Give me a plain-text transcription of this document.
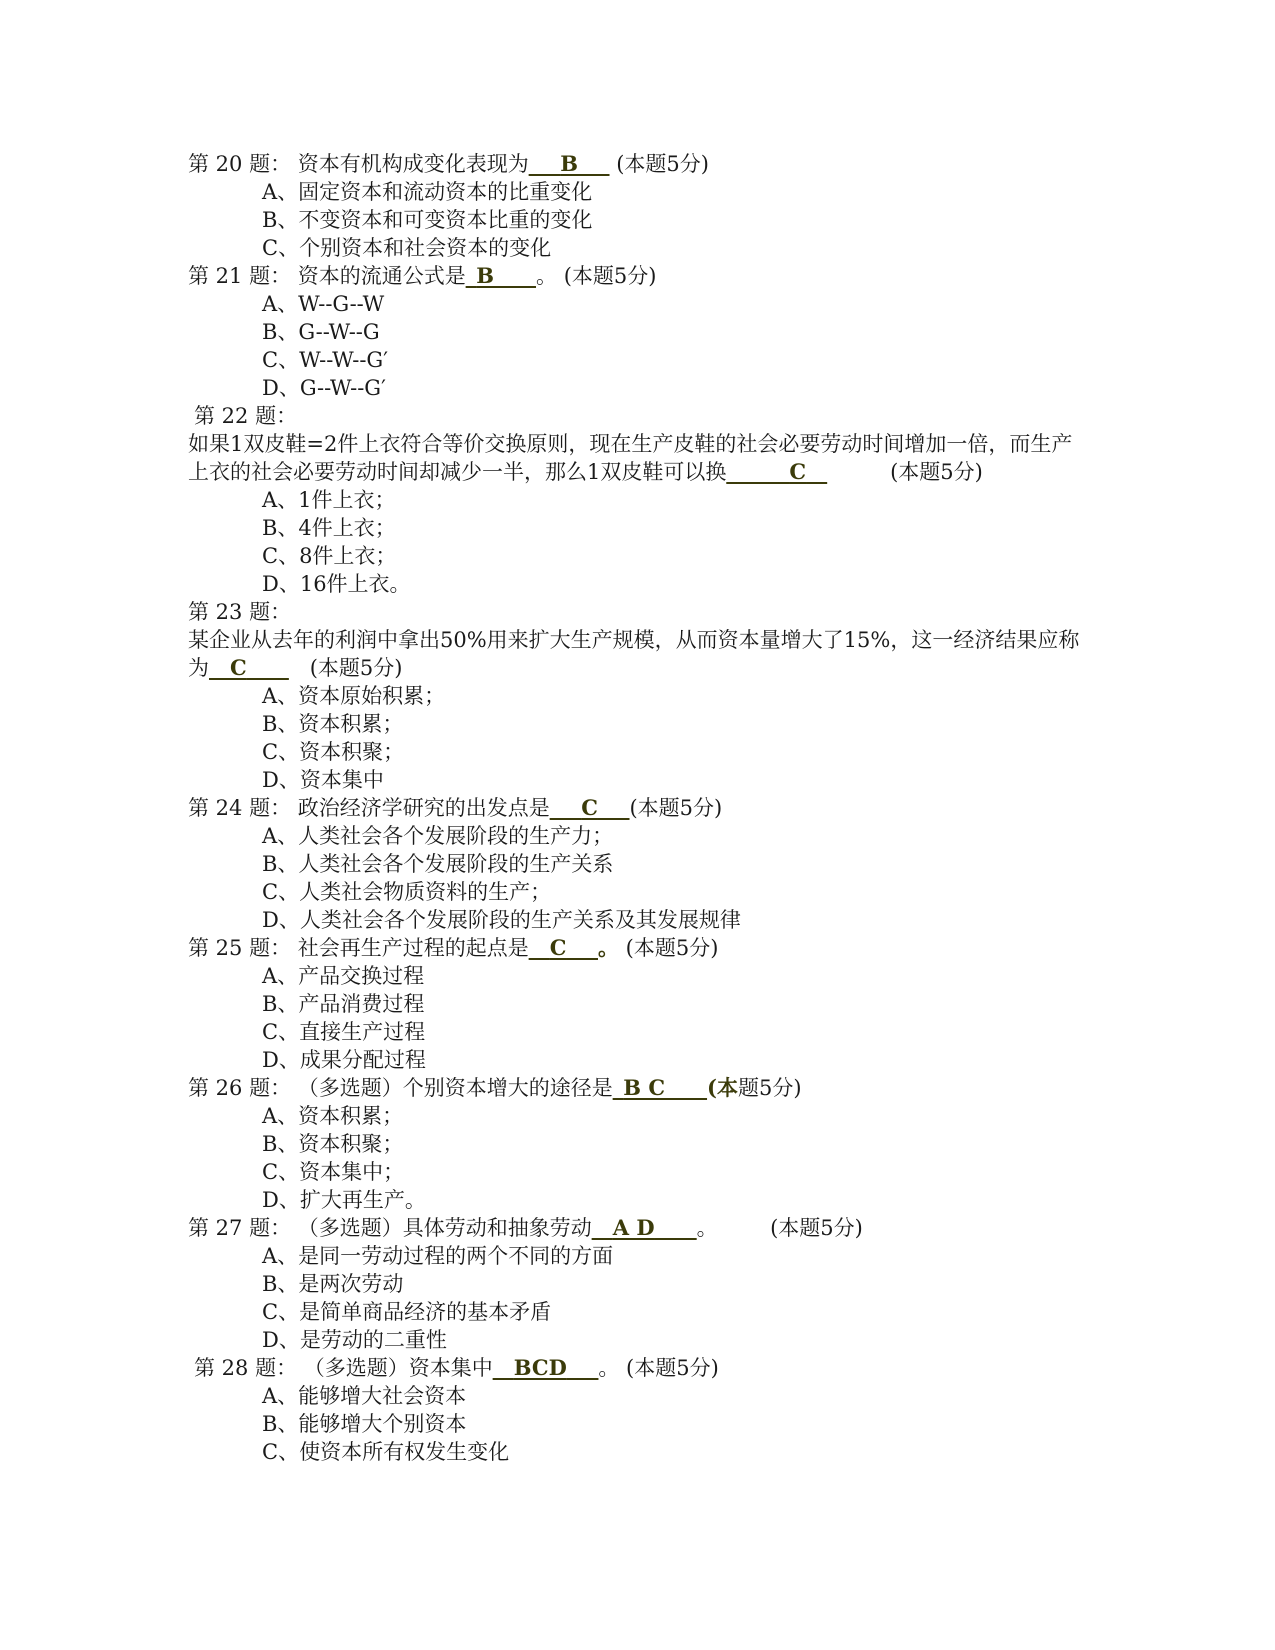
第 20 题： 资本有机构成变化表现为___B___ (本题5分)
A、固定资本和流动资本的比重变化
B、不变资本和可变资本比重的变化
C、个别资本和社会资本的变化
第 21 题： 资本的流通公式是_B____。 (本题5分)
A、W--G--W
B、G--W--G
C、W--W--G′
D、G--W--G′
第 22 题：
如果1双皮鞋=2件上衣符合等价交换原则，现在生产皮鞋的社会必要劳动时间增加一倍，而生产上衣的社会必要劳动时间却减少一半，那么1双皮鞋可以换______C__　　　(本题5分)
A、1件上衣；
B、4件上衣；
C、8件上衣；
D、16件上衣。
第 23 题：
某企业从去年的利润中拿出50%用来扩大生产规模，从而资本量增大了15%，这一经济结果应称为__C____　(本题5分)
A、资本原始积累；
B、资本积累；
C、资本积聚；
D、资本集中
第 24 题： 政治经济学研究的出发点是___C___(本题5分)
A、人类社会各个发展阶段的生产力；
B、人类社会各个发展阶段的生产关系
C、人类社会物质资料的生产；
D、人类社会各个发展阶段的生产关系及其发展规律
第 25 题： 社会再生产过程的起点是__C___。 (本题5分)
A、产品交换过程
B、产品消费过程
C、直接生产过程
D、成果分配过程
第 26 题： （多选题）个别资本增大的途径是_B C____(本题5分)
A、资本积累；
B、资本积聚；
C、资本集中；
D、扩大再生产。
第 27 题： （多选题）具体劳动和抽象劳动__A D____。　　　(本题5分)
A、是同一劳动过程的两个不同的方面
B、是两次劳动
C、是简单商品经济的基本矛盾
D、是劳动的二重性
第 28 题： （多选题）资本集中__BCD___。 (本题5分)
A、能够增大社会资本
B、能够增大个别资本
C、使资本所有权发生变化
